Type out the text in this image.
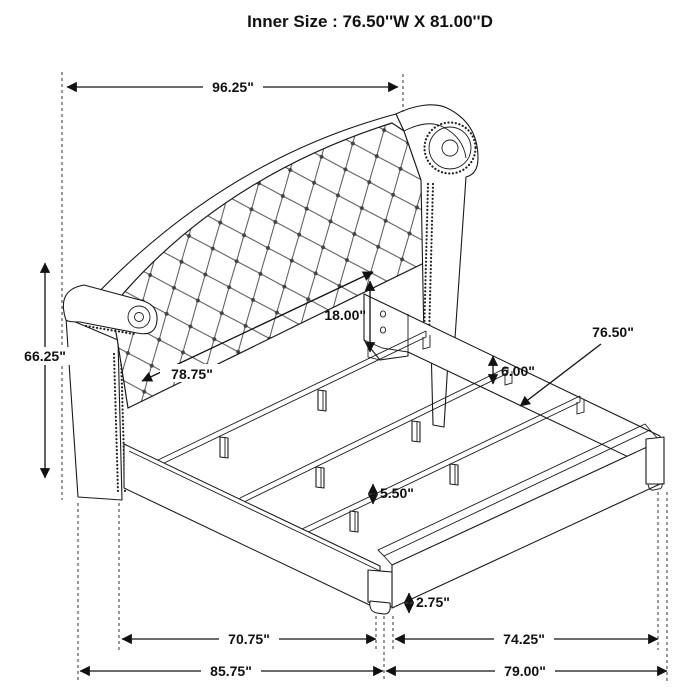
Inner Size : 76.50''W X 81.00''D
96.25"
66.25"
78.75"
18.00"
6.00"
76.50"
5.50"
2.75"
70.75"	74.25"
85.75"	79.00"
